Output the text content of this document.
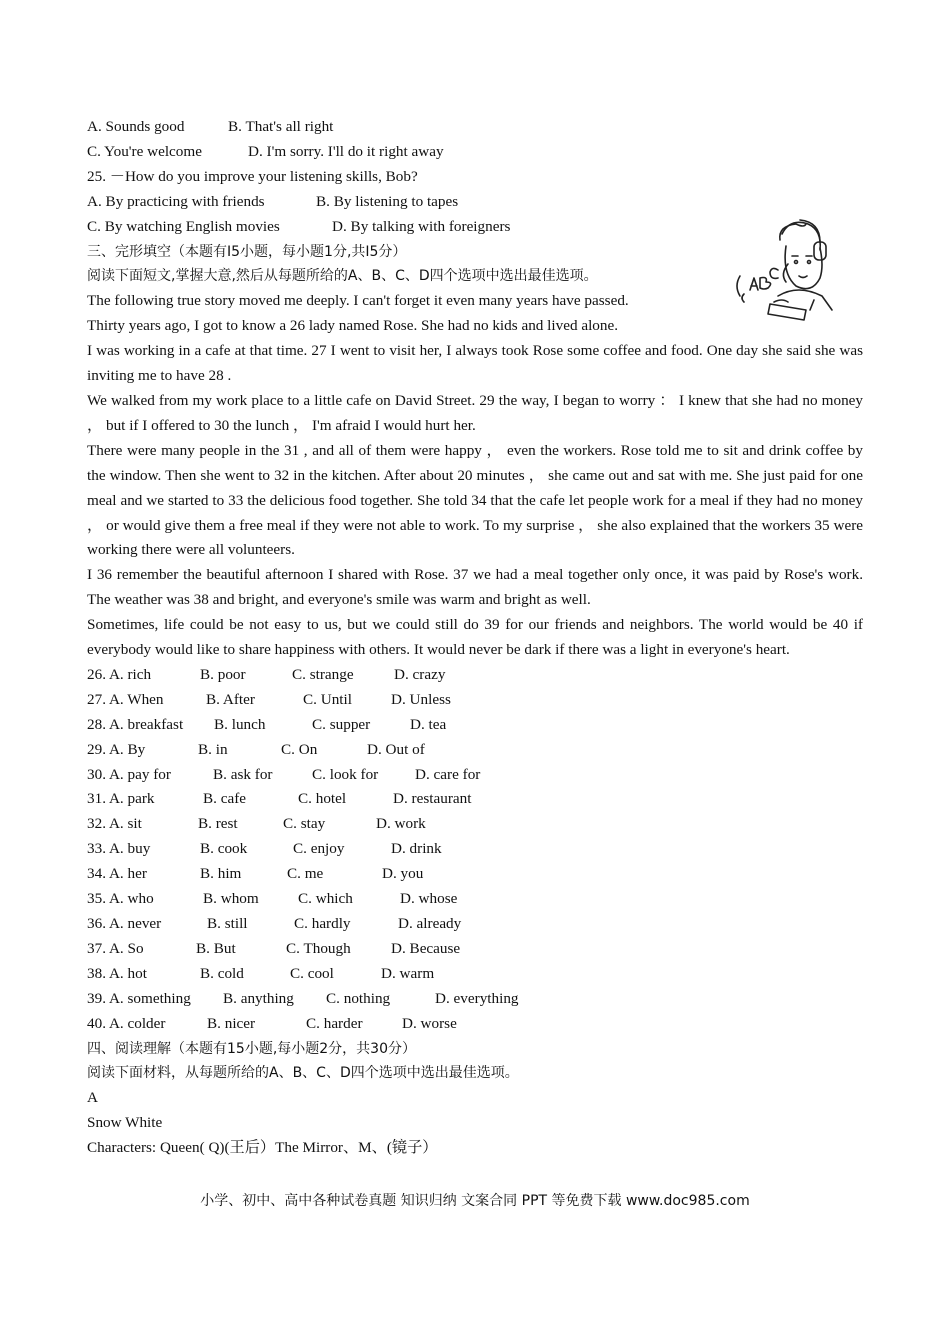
A. Sounds good	B. That's all right
C. You're welcome	D. I'm sorry. I'll do it right away
25. －How do you improve your listening skills, Bob?
A. By practicing with friends	B. By listening to tapes
C. By watching English movies	D. By talking with foreigners
三、完形填空（本题有I5小题，每小题1分,共I5分）
阅读下面短文,掌握大意,然后从每题所给的A、B、C、D四个选项中选出最佳选项。
The following true story moved me deeply. I can't forget it even many years have passed.
Thirty years ago, I got to know a 26 lady named Rose. She had no kids and lived alone.
I was working in a cafe at that time. 27 I went to visit her, I always took Rose some coffee and food. One day she said she was inviting me to have 28 .
We walked from my work place to a little cafe on David Street. 29 the way, I began to worry ： I knew that she had no money ， but if I offered to 30 the lunch ， I'm afraid I would hurt her.
There were many people in the 31 , and all of them were happy ， even the workers. Rose told me to sit and drink coffee by the window. Then she went to 32 in the kitchen. After about 20 minutes ， she came out and sat with me. She just paid for one meal and we started to 33 the delicious food together. She told 34 that the cafe let people work for a meal if they had no money ， or would give them a free meal if they were not able to work. To my surprise ， she also explained that the workers 35 were working there were all volunteers.
I 36 remember the beautiful afternoon I shared with Rose. 37 we had a meal together only once, it was paid by Rose's work. The weather was 38 and bright, and everyone's smile was warm and bright as well.
Sometimes, life could be not easy to us, but we could still do 39 for our friends and neighbors. The world would be 40 if everybody would like to share happiness with others. It would never be dark if there was a light in everyone's heart.
26. A. rich	B. poor	C. strange	D. crazy
27. A. When	B. After	C. Until	D. Unless
28. A. breakfast B. lunch	C. supper	D. tea
29. A. By	B. in	C. On	D. Out of
30. A. pay for	B. ask for	C. look for D. care for
31. A. park	B. cafe	C. hotel	D. restaurant
32. A. sit	B. rest	C. stay	D. work
33. A. buy	B. cook	C. enjoy	D. drink
34. A. her	B. him	C. me	D. you
35. A. who	B. whom	C. which	D. whose
36. A. never	B. still	C. hardly	D. already
37. A. So	B. But	C. Though	D. Because
38. A. hot	B. cold	C. cool	D. warm
39. A. something B. anything C. nothing	D. everything
40. A. colder	B. nicer	C. harder	D. worse
四、阅读理解（本题有15小题,每小题2分，共30分）
阅读下面材料，从每题所给的A、B、C、D四个选项中选出最佳选项。
A
Snow White
Characters: Queen( Q)(王后）The Mirror、M、(镜子）
小学、初中、高中各种试卷真题 知识归纳 文案合同 PPT 等免费下载 www.doc985.com
